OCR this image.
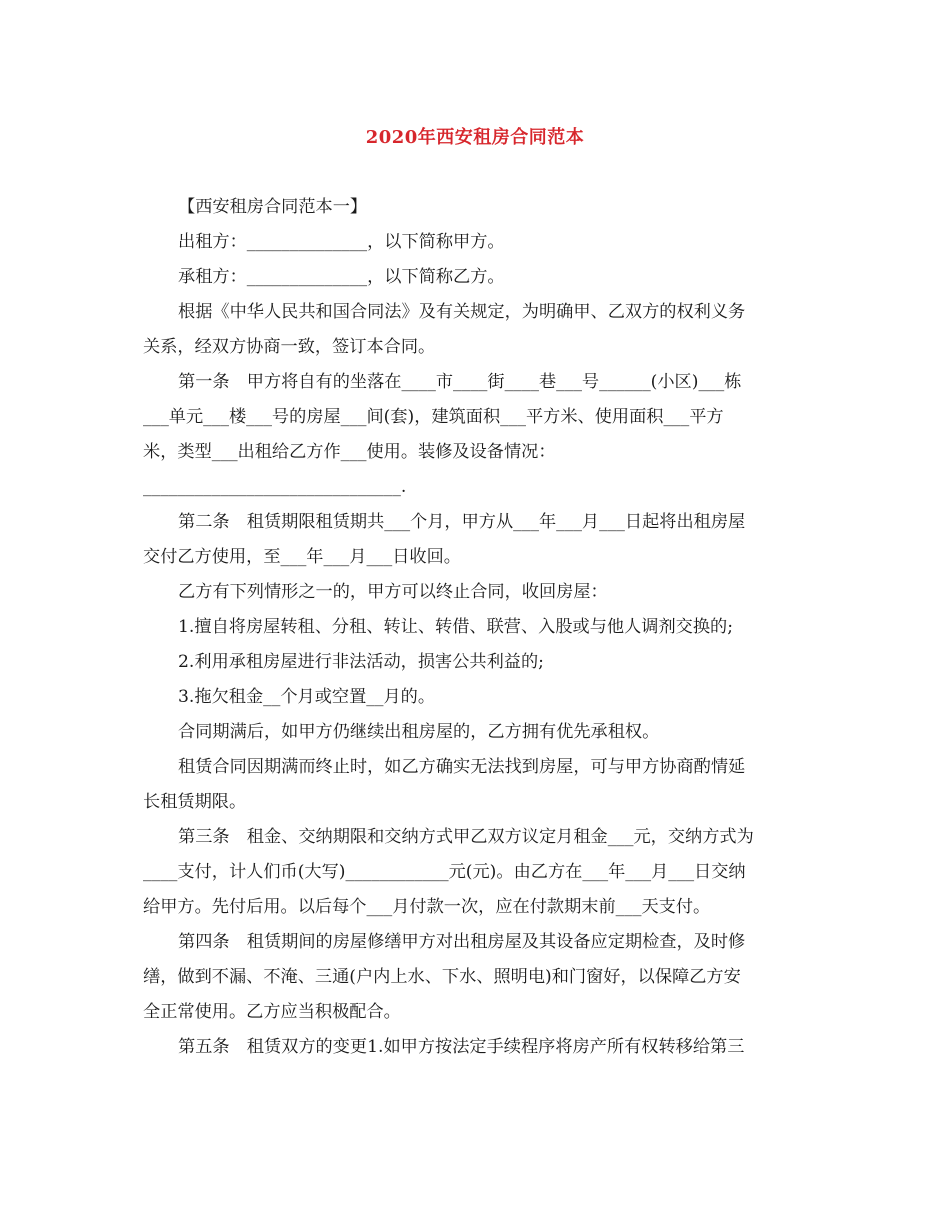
2020年西安租房合同范本

【西安租房合同范本一】

出租方：______________，以下简称甲方。

承租方：______________，以下简称乙方。

根据《中华人民共和国合同法》及有关规定，为明确甲、乙双方的权利义务

关系，经双方协商一致，签订本合同。

第一条　甲方将自有的坐落在____市____街____巷___号______(小区)___栋

___单元___楼___号的房屋___间(套)，建筑面积___平方米、使用面积___平方

米，类型___出租给乙方作___使用。装修及设备情况：

______________________________.

第二条　租赁期限租赁期共___个月，甲方从___年___月___日起将出租房屋

交付乙方使用，至___年___月___日收回。

乙方有下列情形之一的，甲方可以终止合同，收回房屋：

1.擅自将房屋转租、分租、转让、转借、联营、入股或与他人调剂交换的;

2.利用承租房屋进行非法活动，损害公共利益的;

3.拖欠租金__个月或空置__月的。

合同期满后，如甲方仍继续出租房屋的，乙方拥有优先承租权。

租赁合同因期满而终止时，如乙方确实无法找到房屋，可与甲方协商酌情延

长租赁期限。

第三条　租金、交纳期限和交纳方式甲乙双方议定月租金___元，交纳方式为

____支付，计人们币(大写)____________元(元)。由乙方在___年___月___日交纳

给甲方。先付后用。以后每个___月付款一次，应在付款期末前___天支付。

第四条　租赁期间的房屋修缮甲方对出租房屋及其设备应定期检查，及时修

缮，做到不漏、不淹、三通(户内上水、下水、照明电)和门窗好，以保障乙方安

全正常使用。乙方应当积极配合。

第五条　租赁双方的变更1.如甲方按法定手续程序将房产所有权转移给第三
